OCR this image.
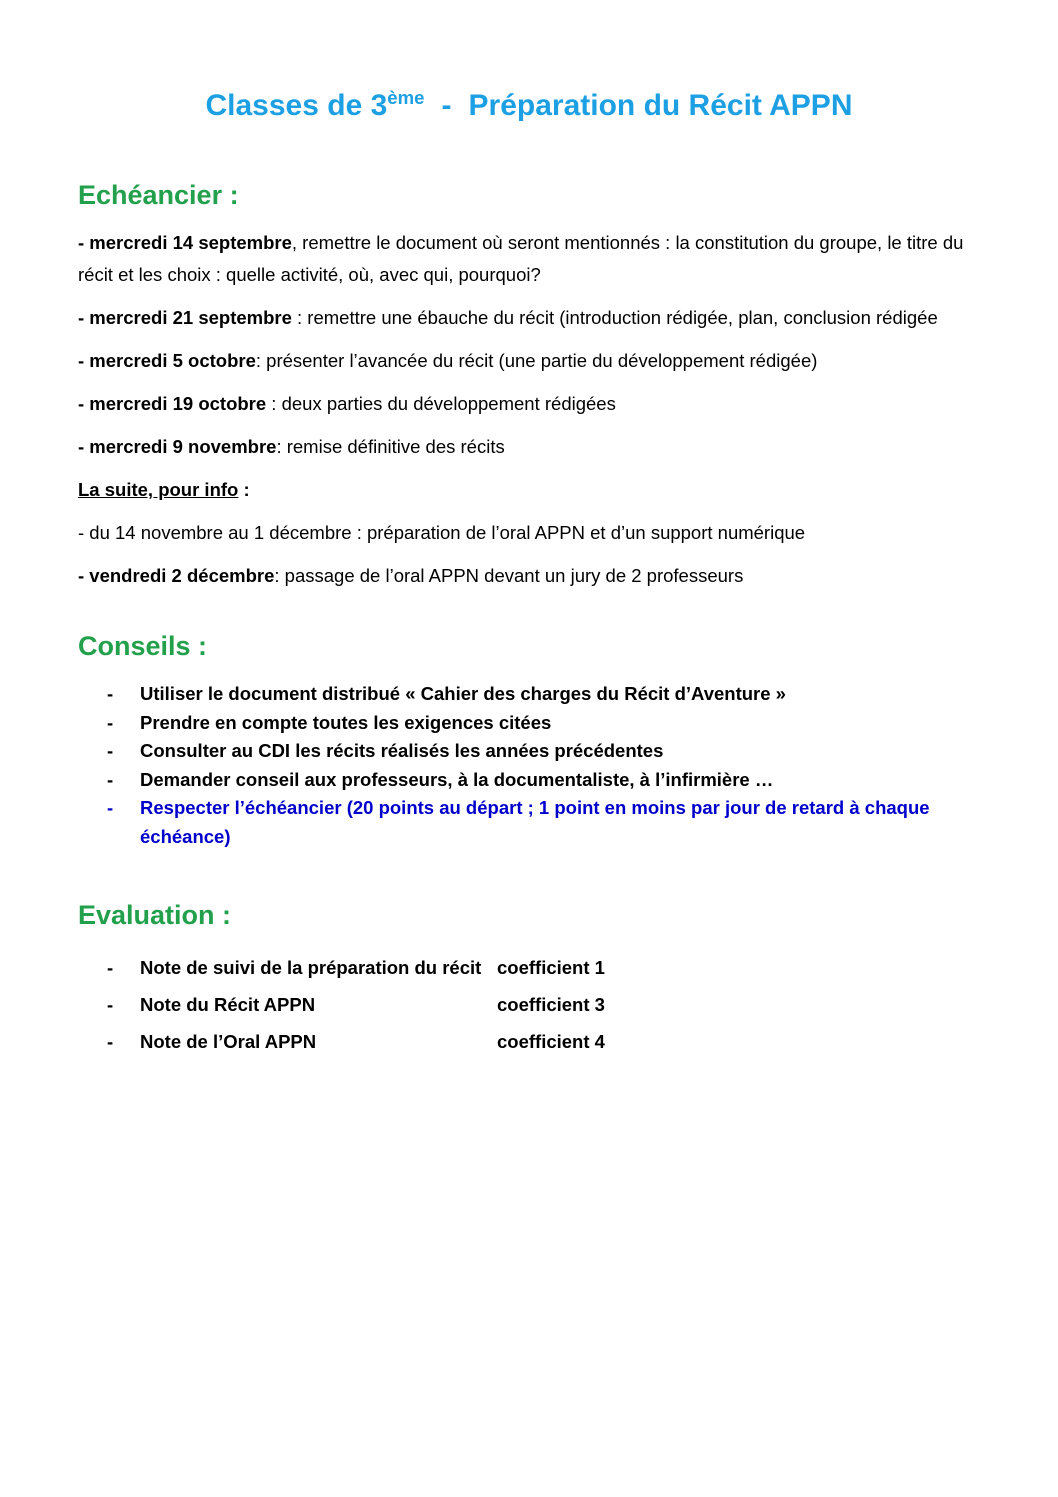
Classes de 3ème - Préparation du Récit APPN
Echéancier :

- mercredi 14 septembre, remettre le document où seront mentionnés : la constitution du groupe, le titre du récit et les choix : quelle activité, où, avec qui, pourquoi?

- mercredi 21 septembre : remettre une ébauche du récit (introduction rédigée, plan, conclusion rédigée

- mercredi 5 octobre: présenter l’avancée du récit (une partie du développement rédigée)

- mercredi 19 octobre : deux parties du développement rédigées

- mercredi 9 novembre: remise définitive des récits

La suite, pour info :

- du 14 novembre au 1 décembre : préparation de l’oral APPN et d’un support numérique

- vendredi 2 décembre: passage de l’oral APPN devant un jury de 2 professeurs

Conseils :
-	Utiliser le document distribué « Cahier des charges du Récit d’Aventure »
-	Prendre en compte toutes les exigences citées
-	Consulter au CDI les récits réalisés les années précédentes
-	Demander conseil aux professeurs, à la documentaliste, à l’infirmière …
-	Respecter l’échéancier (20 points au départ ; 1 point en moins par jour de retard à chaque échéance)
Evaluation :
-	Note de suivi de la préparation du récit coefficient 1
-	Note du Récit APPN	coefficient 3
-	Note de l’Oral APPN	coefficient 4
